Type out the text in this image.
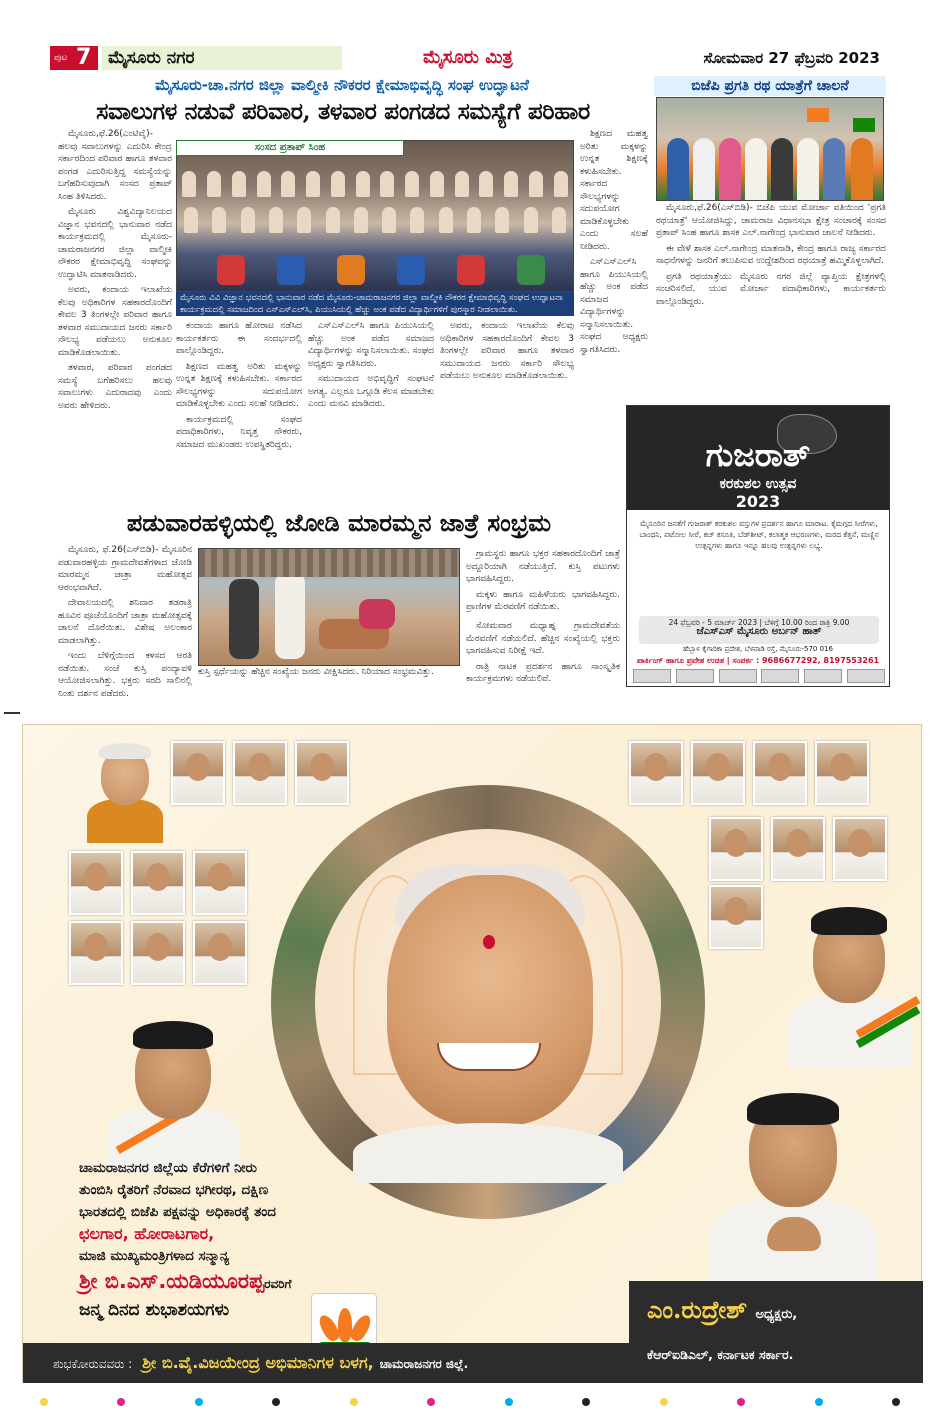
ಪುಟ 7 ಮೈಸೂರು ನಗರ	ಮೈಸೂರು ಮಿತ್ರ	ಸೋಮವಾರ 27 ಫೆಬ್ರವರಿ 2023
ಮೈಸೂರು-ಚಾ.ನಗರ ಜಿಲ್ಲಾ ವಾಲ್ಮೀಕಿ ನೌಕರರ ಕ್ಷೇಮಾಭಿವೃದ್ಧಿ ಸಂಘ ಉದ್ಘಾಟನೆ
ಸವಾಲುಗಳ ನಡುವೆ ಪರಿವಾರ, ತಳವಾರ ಪಂಗಡದ ಸಮಸ್ಯೆಗೆ ಪರಿಹಾರ

ಮೈಸೂರು,ಫೆ.26(ಎಂಟಿವೈ)- ಹಲವು ಸವಾಲುಗಳನ್ನು ಎದುರಿಸಿ ಕೇಂದ್ರ ಸರ್ಕಾರದಿಂದ ಪರಿವಾರ ಹಾಗೂ ತಳವಾರ ಪಂಗಡ ಎದುರಿಸುತ್ತಿದ್ದ ಸಮಸ್ಯೆಯನ್ನು ಬಗೆಹರಿಸುವುದಾಗಿ ಸಂಸದ ಪ್ರತಾಪ್ ಸಿಂಹ ತಿಳಿಸಿದರು.

ಮೈಸೂರು ವಿಶ್ವವಿದ್ಯಾನಿಲಯದ ವಿಜ್ಞಾನ ಭವನದಲ್ಲಿ ಭಾನುವಾರ ನಡೆದ ಕಾರ್ಯಕ್ರಮದಲ್ಲಿ ಮೈಸೂರು-ಚಾಮರಾಜನಗರ ಜಿಲ್ಲಾ ವಾಲ್ಮೀಕಿ ನೌಕರರ ಕ್ಷೇಮಾಭಿವೃದ್ಧಿ ಸಂಘವನ್ನು ಉದ್ಘಾಟಿಸಿ ಮಾತನಾಡಿದರು.

ಅವರು, ಕಂದಾಯ ಇಲಾಖೆಯ ಕೆಲವು ಅಧಿಕಾರಿಗಳ ಸಹಕಾರದೊಂದಿಗೆ ಕೇವಲ 3 ತಿಂಗಳಲ್ಲೇ ಪರಿವಾರ ಹಾಗೂ ತಳವಾರ ಸಮುದಾಯದ ಜನರು ಸರ್ಕಾರಿ ಸೌಲಭ್ಯ ಪಡೆಯಲು ಅನುಕೂಲ ಮಾಡಿಕೊಡಲಾಯಿತು.

ತಳವಾರ, ಪರಿವಾರ ಪಂಗಡದ ಸಮಸ್ಯೆ ಬಗೆಹರಿಸಲು ಹಲವು ಸವಾಲುಗಳು ಎದುರಾದವು ಎಂದು ಅವರು ಹೇಳಿದರು.

ಸಂಸದ ಪ್ರತಾಪ್ ಸಿಂಹ
ಮೈಸೂರು ವಿವಿ ವಿಜ್ಞಾನ ಭವನದಲ್ಲಿ ಭಾನುವಾರ ನಡೆದ ಮೈಸೂರು-ಚಾಮರಾಜನಗರ ಜಿಲ್ಲಾ ವಾಲ್ಮೀಕಿ ನೌಕರರ ಕ್ಷೇಮಾಭಿವೃದ್ಧಿ ಸಂಘದ ಉದ್ಘಾಟನಾ ಕಾರ್ಯಕ್ರಮದಲ್ಲಿ ಸಮಾಜದಿಂದ ಎಸ್‌ಎಸ್‌ಎಲ್‌ಸಿ, ಪಿಯುಸಿಯಲ್ಲಿ ಹೆಚ್ಚು ಅಂಕ ಪಡೆದ ವಿದ್ಯಾರ್ಥಿಗಳಿಗೆ ಪುರಸ್ಕಾರ ನೀಡಲಾಯಿತು.

ಕಂದಾಯ ಹಾಗೂ ಹೋರಾಟ ನಡೆಸಿದ ಕಾರ್ಯಕರ್ತರು ಈ ಸಂದರ್ಭದಲ್ಲಿ ಪಾಲ್ಗೊಂಡಿದ್ದರು.

ಶಿಕ್ಷಣದ ಮಹತ್ವ ಅರಿತು ಮಕ್ಕಳನ್ನು ಉನ್ನತ ಶಿಕ್ಷಣಕ್ಕೆ ಕಳುಹಿಸಬೇಕು. ಸರ್ಕಾರದ ಸೌಲಭ್ಯಗಳನ್ನು ಸದುಪಯೋಗ ಮಾಡಿಕೊಳ್ಳಬೇಕು ಎಂದು ಸಲಹೆ ನೀಡಿದರು.

ಕಾರ್ಯಕ್ರಮದಲ್ಲಿ ಸಂಘದ ಪದಾಧಿಕಾರಿಗಳು, ನಿವೃತ್ತ ನೌಕರರು, ಸಮಾಜದ ಮುಖಂಡರು ಉಪಸ್ಥಿತರಿದ್ದರು.

ಎಸ್‌ಎಸ್‌ಎಲ್‌ಸಿ ಹಾಗೂ ಪಿಯುಸಿಯಲ್ಲಿ ಹೆಚ್ಚು ಅಂಕ ಪಡೆದ ಸಮಾಜದ ವಿದ್ಯಾರ್ಥಿಗಳನ್ನು ಸನ್ಮಾನಿಸಲಾಯಿತು. ಸಂಘದ ಅಧ್ಯಕ್ಷರು ಸ್ವಾಗತಿಸಿದರು.

ಸಮುದಾಯದ ಅಭಿವೃದ್ಧಿಗೆ ಸಂಘಟನೆ ಅಗತ್ಯ. ಎಲ್ಲರೂ ಒಗ್ಗೂಡಿ ಕೆಲಸ ಮಾಡಬೇಕು ಎಂದು ಮನವಿ ಮಾಡಿದರು.

ಅವರು, ಕಂದಾಯ ಇಲಾಖೆಯ ಕೆಲವು ಅಧಿಕಾರಿಗಳ ಸಹಕಾರದೊಂದಿಗೆ ಕೇವಲ 3 ತಿಂಗಳಲ್ಲೇ ಪರಿವಾರ ಹಾಗೂ ತಳವಾರ ಸಮುದಾಯದ ಜನರು ಸರ್ಕಾರಿ ಸೌಲಭ್ಯ ಪಡೆಯಲು ಅನುಕೂಲ ಮಾಡಿಕೊಡಲಾಯಿತು.

ಶಿಕ್ಷಣದ ಮಹತ್ವ ಅರಿತು ಮಕ್ಕಳನ್ನು ಉನ್ನತ ಶಿಕ್ಷಣಕ್ಕೆ ಕಳುಹಿಸಬೇಕು. ಸರ್ಕಾರದ ಸೌಲಭ್ಯಗಳನ್ನು ಸದುಪಯೋಗ ಮಾಡಿಕೊಳ್ಳಬೇಕು ಎಂದು ಸಲಹೆ ನೀಡಿದರು.

ಎಸ್‌ಎಸ್‌ಎಲ್‌ಸಿ ಹಾಗೂ ಪಿಯುಸಿಯಲ್ಲಿ ಹೆಚ್ಚು ಅಂಕ ಪಡೆದ ಸಮಾಜದ ವಿದ್ಯಾರ್ಥಿಗಳನ್ನು ಸನ್ಮಾನಿಸಲಾಯಿತು. ಸಂಘದ ಅಧ್ಯಕ್ಷರು ಸ್ವಾಗತಿಸಿದರು.

ಬಿಜೆಪಿ ಪ್ರಗತಿ ರಥ ಯಾತ್ರೆಗೆ ಚಾಲನೆ

ಮೈಸೂರು,ಫೆ.26(ಎಸ್‌ಬಿಡಿ)- ಬಿಜೆಪಿ ಯುವ ಮೋರ್ಚಾ ವತಿಯಿಂದ 'ಪ್ರಗತಿ ರಥಯಾತ್ರೆ' ಆಯೋಜಿಸಿದ್ದು, ಚಾಮರಾಜ ವಿಧಾನಸಭಾ ಕ್ಷೇತ್ರ ಸಂಚಾರಕ್ಕೆ ಸಂಸದ ಪ್ರತಾಪ್ ಸಿಂಹ ಹಾಗೂ ಶಾಸಕ ಎಲ್.ನಾಗೇಂದ್ರ ಭಾನುವಾರ ಚಾಲನೆ ನೀಡಿದರು.

ಈ ವೇಳೆ ಶಾಸಕ ಎಲ್.ನಾಗೇಂದ್ರ ಮಾತನಾಡಿ, ಕೇಂದ್ರ ಹಾಗೂ ರಾಜ್ಯ ಸರ್ಕಾರದ ಸಾಧನೆಗಳನ್ನು ಜನರಿಗೆ ತಲುಪಿಸುವ ಉದ್ದೇಶದಿಂದ ರಥಯಾತ್ರೆ ಹಮ್ಮಿಕೊಳ್ಳಲಾಗಿದೆ.

ಪ್ರಗತಿ ರಥಯಾತ್ರೆಯು ಮೈಸೂರು ನಗರ ಜಿಲ್ಲೆ ವ್ಯಾಪ್ತಿಯ ಕ್ಷೇತ್ರಗಳಲ್ಲಿ ಸಂಚರಿಸಲಿದೆ. ಯುವ ಮೋರ್ಚಾ ಪದಾಧಿಕಾರಿಗಳು, ಕಾರ್ಯಕರ್ತರು ಪಾಲ್ಗೊಂಡಿದ್ದರು.

ಗುಜರಾತ್
ಕರಕುಶಲ ಉತ್ಸವ
2023
ಮೈಸೂರಿನ ಜನತೆಗೆ ಗುಜರಾತ್ ಕರಕುಶಲ ವಸ್ತುಗಳ ಪ್ರದರ್ಶನ ಹಾಗೂ ಮಾರಾಟ. ಕೈಮಗ್ಗದ ಸೀರೆಗಳು, ಬಾಂಧನಿ, ಪಟೋಲ ಸೀರೆ, ಕಚ್ ಕಸೂತಿ, ಬೆಡ್‌ಶೀಟ್, ಕಲಾತ್ಮಕ ಆಭರಣಗಳು, ಮರದ ಕೆತ್ತನೆ, ಮಣ್ಣಿನ ಉತ್ಪನ್ನಗಳು ಹಾಗೂ ಇನ್ನೂ ಹಲವು ಉತ್ಪನ್ನಗಳು ಲಭ್ಯ.
24 ಫೆಬ್ರವರಿ - 5 ಮಾರ್ಚ್ 2023 | ಬೆಳಿಗ್ಗೆ 10.00 ರಿಂದ ರಾತ್ರಿ 9.00
ಜೆಎಸ್‌ಎಸ್ ಮೈಸೂರು ಅರ್ಬನ್ ಹಾತ್
ಹೆಬ್ಬಾಳ ಕೈಗಾರಿಕಾ ಪ್ರದೇಶ, ಬೆಳವಾಡಿ ರಸ್ತೆ, ಮೈಸೂರು-570 016
ಪಾರ್ಕಿಂಗ್ ಹಾಗೂ ಪ್ರವೇಶ ಉಚಿತ | ಸಂಪರ್ಕ : 9686677292, 8197553261
ಪಡುವಾರಹಳ್ಳಿಯಲ್ಲಿ ಜೋಡಿ ಮಾರಮ್ಮನ ಜಾತ್ರೆ ಸಂಭ್ರಮ

ಮೈಸೂರು, ಫೆ.26(ಎಸ್‌ಬಿಡಿ)- ಮೈಸೂರಿನ ಪಡುವಾರಹಳ್ಳಿಯ ಗ್ರಾಮದೇವತೆಗಳಾದ ಜೋಡಿ ಮಾರಮ್ಮನ ಜಾತ್ರಾ ಮಹೋತ್ಸವ ಆರಂಭವಾಗಿದೆ.

ದೇವಾಲಯದಲ್ಲಿ ಶನಿವಾರ ತಡರಾತ್ರಿ ಹೂವಿನ ಪೂಜೆಯೊಂದಿಗೆ ಜಾತ್ರಾ ಮಹೋತ್ಸವಕ್ಕೆ ಚಾಲನೆ ದೊರೆಯಿತು. ವಿಶೇಷ ಅಲಂಕಾರ ಮಾಡಲಾಗಿತ್ತು.

ಇಂದು ಬೆಳಿಗ್ಗೆಯಿಂದ ಕಳಸದ ಆರತಿ ನಡೆಯಿತು. ಸಂಜೆ ಕುಸ್ತಿ ಪಂದ್ಯಾವಳಿ ಆಯೋಜಿಸಲಾಗಿತ್ತು. ಭಕ್ತರು ಸರದಿ ಸಾಲಿನಲ್ಲಿ ನಿಂತು ದರ್ಶನ ಪಡೆದರು.

ಕುಸ್ತಿ ಸ್ಪರ್ಧೆಯನ್ನು ಹೆಚ್ಚಿನ ಸಂಖ್ಯೆಯ ಜನರು ವೀಕ್ಷಿಸಿದರು. ನಿರಿಯಾದ ಸಂಭ್ರಮವಿತ್ತು.

ಗ್ರಾಮಸ್ಥರು ಹಾಗೂ ಭಕ್ತರ ಸಹಕಾರದೊಂದಿಗೆ ಜಾತ್ರೆ ಅದ್ದೂರಿಯಾಗಿ ನಡೆಯುತ್ತಿದೆ. ಕುಸ್ತಿ ಪಟುಗಳು ಭಾಗವಹಿಸಿದ್ದರು.

ಮಕ್ಕಳು ಹಾಗೂ ಮಹಿಳೆಯರು ಭಾಗವಹಿಸಿದ್ದರು. ಪ್ರಾಣಿಗಳ ಮೆರವಣಿಗೆ ನಡೆಯಿತು.

ಸೋಮವಾರ ಮಧ್ಯಾಹ್ನ ಗ್ರಾಮದೇವತೆಯ ಮೆರವಣಿಗೆ ನಡೆಯಲಿದೆ. ಹೆಚ್ಚಿನ ಸಂಖ್ಯೆಯಲ್ಲಿ ಭಕ್ತರು ಭಾಗವಹಿಸುವ ನಿರೀಕ್ಷೆ ಇದೆ.

ರಾತ್ರಿ ನಾಟಕ ಪ್ರದರ್ಶನ ಹಾಗೂ ಸಾಂಸ್ಕೃತಿಕ ಕಾರ್ಯಕ್ರಮಗಳು ನಡೆಯಲಿವೆ.

ಚಾಮರಾಜನಗರ ಜಿಲ್ಲೆಯ ಕೆರೆಗಳಿಗೆ ನೀರು
ತುಂಬಿಸಿ ರೈತರಿಗೆ ನೆರವಾದ ಭಗೀರಥ, ದಕ್ಷಿಣ
ಭಾರತದಲ್ಲಿ ಬಿಜೆಪಿ ಪಕ್ಷವನ್ನು ಅಧಿಕಾರಕ್ಕೆ ತಂದ
ಛಲಗಾರ, ಹೋರಾಟಗಾರ,
ಮಾಜಿ ಮುಖ್ಯಮಂತ್ರಿಗಳಾದ ಸನ್ಮಾನ್ಯ
ಶ್ರೀ ಬಿ.ಎಸ್.ಯಡಿಯೂರಪ್ಪರವರಿಗೆ
ಜನ್ಮ ದಿನದ ಶುಭಾಶಯಗಳು
ಶುಭಕೋರುವವರು : ಶ್ರೀ ಬಿ.ವೈ.ವಿಜಯೇಂದ್ರ ಅಭಿಮಾನಿಗಳ ಬಳಗ, ಚಾಮರಾಜನಗರ ಜಿಲ್ಲೆ.
ಎಂ.ರುದ್ರೇಶ್ ಅಧ್ಯಕ್ಷರು,
ಕೆಆರ್‌ಐಡಿಎಲ್, ಕರ್ನಾಟಕ ಸರ್ಕಾರ.
